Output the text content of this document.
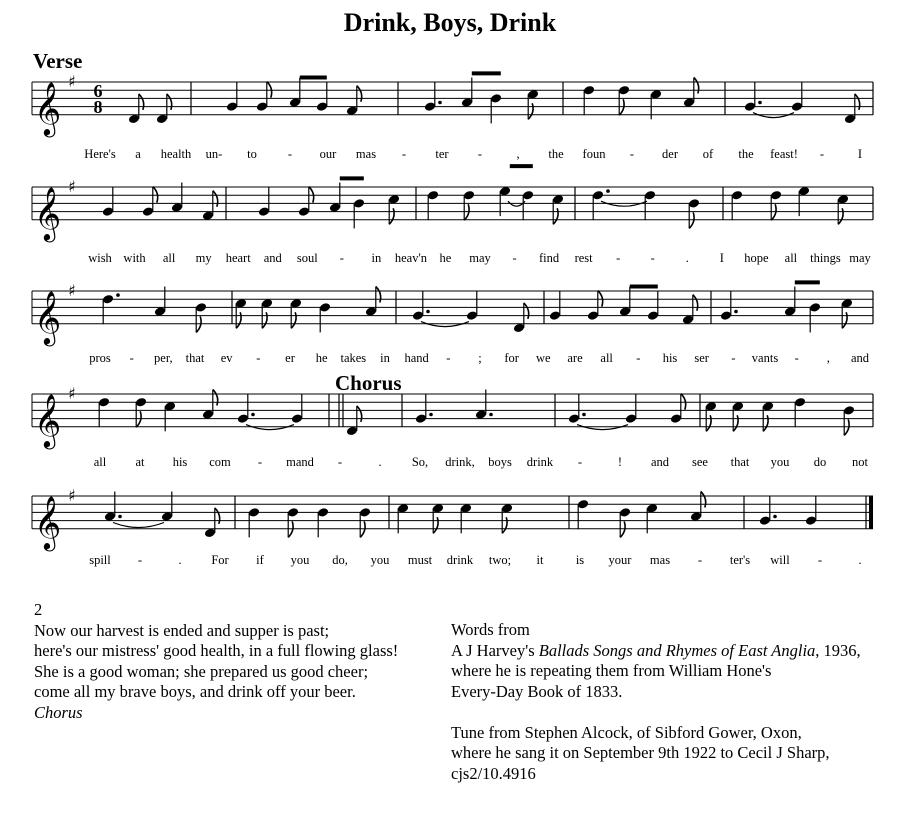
Drink, Boys, Drink
Verse
Chorus
𝄞 ♯
Here's a health un- to - our mas - ter -	, the foun - der of the feast! -	I
𝄞 ♯
wish with all my heart and soul - in heav'n he may - find rest - - . I hope all things may
𝄞 ♯
pros - per, that ev - er he takes in hand - ; for we are all - his ser - vants - , and
𝄞 ♯
all at his com - mand -	. So, drink, boys drink -	! and see that you do not
𝄞 ♯
spill -	. For if you do, you must drink two; it	is your mas - ter's will -	.
6
8
2
Now our harvest is ended and supper is past;
here's our mistress' good health, in a full flowing glass!
She is a good woman; she prepared us good cheer;
come all my brave boys, and drink off your beer.
Chorus
Words from
A J Harvey's Ballads Songs and Rhymes of East Anglia, 1936,
where he is repeating them from William Hone's
Every-Day Book of 1833.
Tune from Stephen Alcock, of Sibford Gower, Oxon,
where he sang it on September 9th 1922 to Cecil J Sharp,
cjs2/10.4916
